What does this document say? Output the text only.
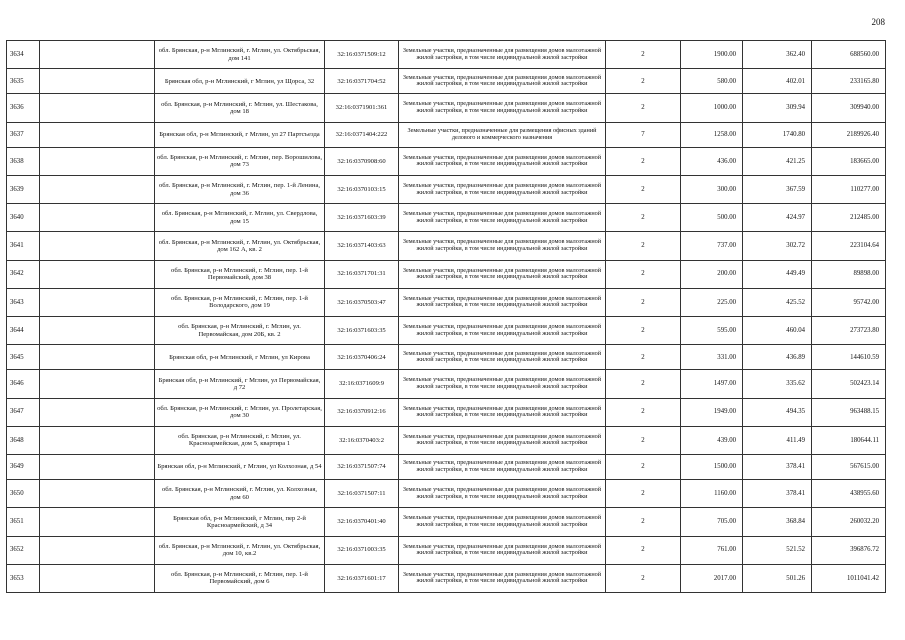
208
3634		обл. Брянская, р-н Мглинский, г. Мглин, ул. Октябрьская, дом 141	32:16:0371509:12	Земельные участки, предназначенные для размещения домов малоэтажной жилой застройки, в том числе индивидуальной жилой застройки	2	1900.00	362.40	688560.00
3635		Брянская обл, р-н Мглинский, г Мглин, ул Щорса, 32	32:16:0371704:52	Земельные участки, предназначенные для размещения домов малоэтажной жилой застройки, в том числе индивидуальной жилой застройки	2	580.00	402.01	233165.80
3636		обл. Брянская, р-н Мглинский, г. Мглин, ул. Шестакова, дом 18	32:16:0371901:361	Земельные участки, предназначенные для размещения домов малоэтажной жилой застройки, в том числе индивидуальной жилой застройки	2	1000.00	309.94	309940.00
3637		Брянская обл, р-н Мглинский, г Мглин, ул 27 Партсъезда	32:16:0371404:222	Земельные участки, предназначенные для размещения офисных зданий делового и коммерческого назначения	7	1258.00	1740.80	2189926.40
3638		обл. Брянская, р-н Мглинский, г. Мглин, пер. Ворошилова, дом 73	32:16:0370908:60	Земельные участки, предназначенные для размещения домов малоэтажной жилой застройки, в том числе индивидуальной жилой застройки	2	436.00	421.25	183665.00
3639		обл. Брянская, р-н Мглинский, г. Мглин, пер. 1-й Ленина, дом 36	32:16:0370103:15	Земельные участки, предназначенные для размещения домов малоэтажной жилой застройки, в том числе индивидуальной жилой застройки	2	300.00	367.59	110277.00
3640		обл. Брянская, р-н Мглинский, г. Мглин, ул. Свердлова, дом 15	32:16:0371603:39	Земельные участки, предназначенные для размещения домов малоэтажной жилой застройки, в том числе индивидуальной жилой застройки	2	500.00	424.97	212485.00
3641		обл. Брянская, р-н Мглинский, г. Мглин, ул. Октябрьская, дом 162 А, кв. 2	32:16:0371403:63	Земельные участки, предназначенные для размещения домов малоэтажной жилой застройки, в том числе индивидуальной жилой застройки	2	737.00	302.72	223104.64
3642		обл. Брянская, р-н Мглинский, г. Мглин, пер. 1-й Первомайский, дом 38	32:16:0371701:31	Земельные участки, предназначенные для размещения домов малоэтажной жилой застройки, в том числе индивидуальной жилой застройки	2	200.00	449.49	89898.00
3643		обл. Брянская, р-н Мглинский, г. Мглин, пер. 1-й Володарского, дом 19	32:16:0370503:47	Земельные участки, предназначенные для размещения домов малоэтажной жилой застройки, в том числе индивидуальной жилой застройки	2	225.00	425.52	95742.00
3644		обл. Брянская, р-н Мглинский, г. Мглин, ул. Первомайская, дом 20Б, кв. 2	32:16:0371603:35	Земельные участки, предназначенные для размещения домов малоэтажной жилой застройки, в том числе индивидуальной жилой застройки	2	595.00	460.04	273723.80
3645		Брянская обл, р-н Мглинский, г Мглин, ул Кирова	32:16:0370406:24	Земельные участки, предназначенные для размещения домов малоэтажной жилой застройки, в том числе индивидуальной жилой застройки	2	331.00	436.89	144610.59
3646		Брянская обл, р-н Мглинский, г Мглин, ул Первомайская, д 72	32:16:0371609:9	Земельные участки, предназначенные для размещения домов малоэтажной жилой застройки, в том числе индивидуальной жилой застройки	2	1497.00	335.62	502423.14
3647		обл. Брянская, р-н Мглинский, г. Мглин, ул. Пролетарская, дом 30	32:16:0370912:16	Земельные участки, предназначенные для размещения домов малоэтажной жилой застройки, в том числе индивидуальной жилой застройки	2	1949.00	494.35	963488.15
3648		обл. Брянская, р-н Мглинский, г. Мглин, ул. Красноармейская, дом 5, квартира 1	32:16:0370403:2	Земельные участки, предназначенные для размещения домов малоэтажной жилой застройки, в том числе индивидуальной жилой застройки	2	439.00	411.49	180644.11
3649		Брянская обл, р-н Мглинский, г Мглин, ул Колхозная, д 54	32:16:0371507:74	Земельные участки, предназначенные для размещения домов малоэтажной жилой застройки, в том числе индивидуальной жилой застройки	2	1500.00	378.41	567615.00
3650		обл. Брянская, р-н Мглинский, г. Мглин, ул. Колхозная, дом 60	32:16:0371507:11	Земельные участки, предназначенные для размещения домов малоэтажной жилой застройки, в том числе индивидуальной жилой застройки	2	1160.00	378.41	438955.60
3651		Брянская обл, р-н Мглинский, г Мглин, пер 2-й Красноармейский, д 34	32:16:0370401:40	Земельные участки, предназначенные для размещения домов малоэтажной жилой застройки, в том числе индивидуальной жилой застройки	2	705.00	368.84	260032.20
3652		обл. Брянская, р-н Мглинский, г. Мглин, ул. Октябрьская, дом 10, кв.2	32:16:0371003:35	Земельные участки, предназначенные для размещения домов малоэтажной жилой застройки, в том числе индивидуальной жилой застройки	2	761.00	521.52	396876.72
3653		обл. Брянская, р-н Мглинский, г. Мглин, пер. 1-й Первомайский, дом 6	32:16:0371601:17	Земельные участки, предназначенные для размещения домов малоэтажной жилой застройки, в том числе индивидуальной жилой застройки	2	2017.00	501.26	1011041.42
